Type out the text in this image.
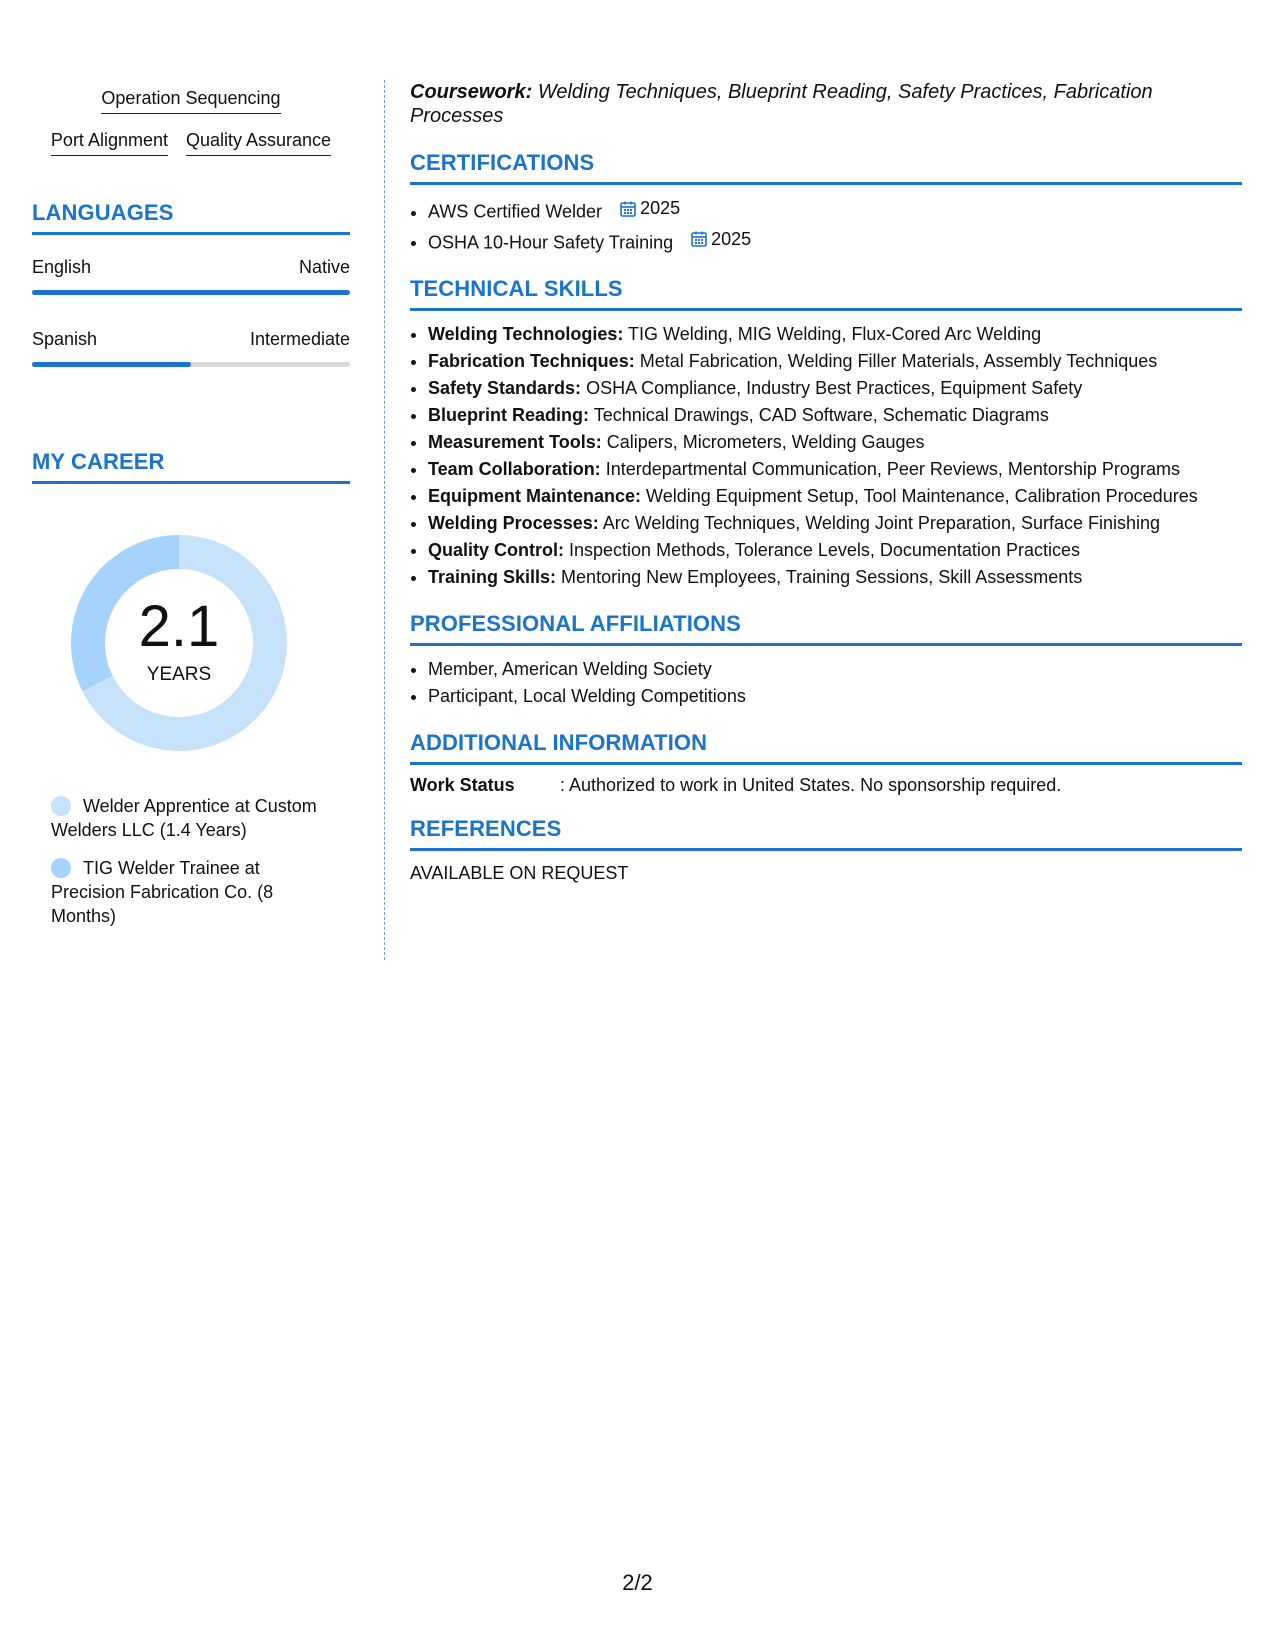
Operation Sequencing
Port Alignment Quality Assurance
LANGUAGES
English	Native
Spanish	Intermediate
MY CAREER
2.1
YEARS
Welder Apprentice at Custom Welders LLC (1.4 Years)
TIG Welder Trainee at Precision Fabrication Co. (8 Months)
Coursework: Welding Techniques, Blueprint Reading, Safety Practices, Fabrication Processes
CERTIFICATIONS
• AWS Certified Welder 2025
• OSHA 10-Hour Safety Training 2025
TECHNICAL SKILLS
• Welding Technologies: TIG Welding, MIG Welding, Flux-Cored Arc Welding
• Fabrication Techniques: Metal Fabrication, Welding Filler Materials, Assembly Techniques
• Safety Standards: OSHA Compliance, Industry Best Practices, Equipment Safety
• Blueprint Reading: Technical Drawings, CAD Software, Schematic Diagrams
• Measurement Tools: Calipers, Micrometers, Welding Gauges
• Team Collaboration: Interdepartmental Communication, Peer Reviews, Mentorship Programs
• Equipment Maintenance: Welding Equipment Setup, Tool Maintenance, Calibration Procedures
• Welding Processes: Arc Welding Techniques, Welding Joint Preparation, Surface Finishing
• Quality Control: Inspection Methods, Tolerance Levels, Documentation Practices
• Training Skills: Mentoring New Employees, Training Sessions, Skill Assessments
PROFESSIONAL AFFILIATIONS
• Member, American Welding Society
• Participant, Local Welding Competitions
ADDITIONAL INFORMATION
Work Status	: Authorized to work in United States. No sponsorship required.
REFERENCES
AVAILABLE ON REQUEST
2/2
